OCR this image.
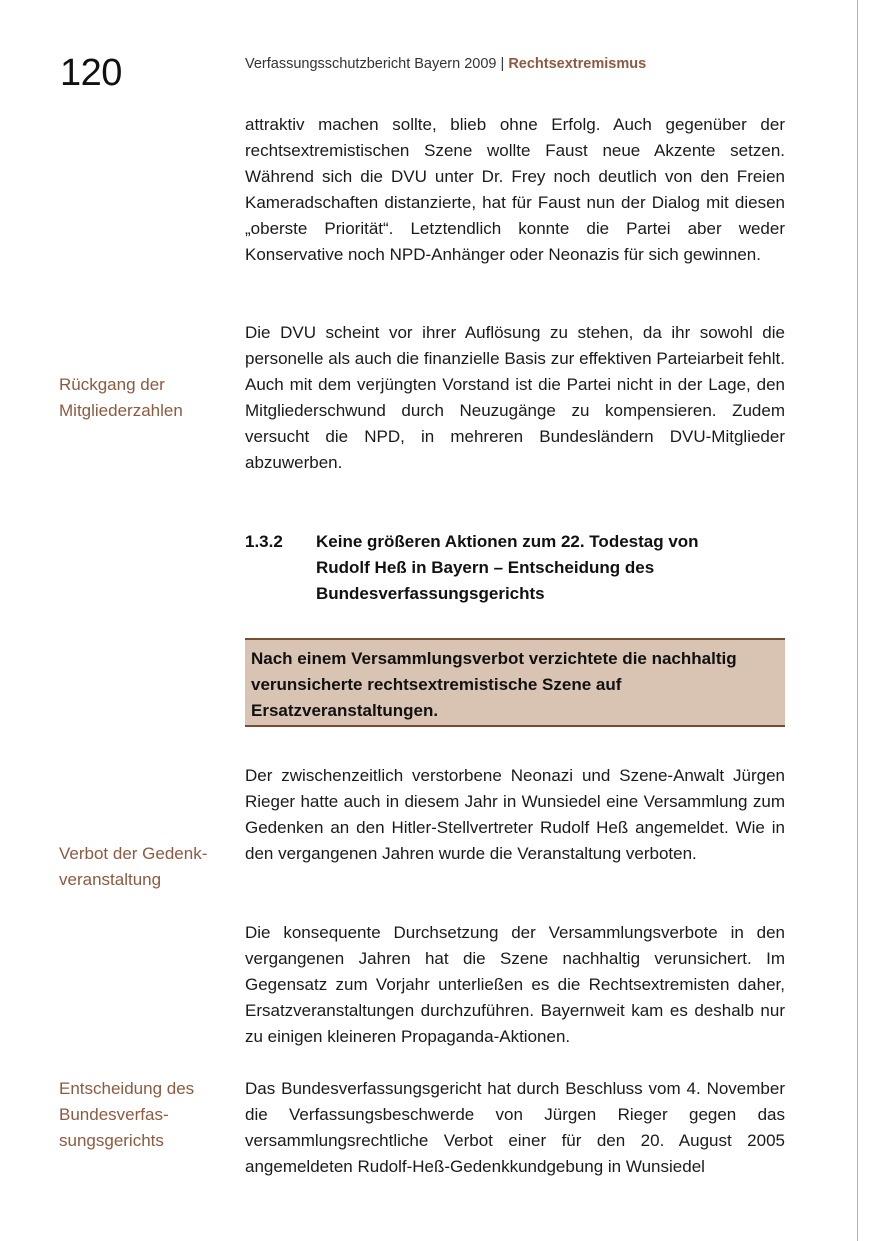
120	Verfassungsschutzbericht Bayern 2009 | Rechtsextremismus
attraktiv machen sollte, blieb ohne Erfolg. Auch gegenüber der rechtsextremistischen Szene wollte Faust neue Akzente setzen. Während sich die DVU unter Dr. Frey noch deutlich von den Freien Kameradschaften distanzierte, hat für Faust nun der Dialog mit diesen „oberste Priorität“. Letztendlich konnte die Partei aber weder Konservative noch NPD-Anhänger oder Neonazis für sich gewinnen.
Die DVU scheint vor ihrer Auflösung zu stehen, da ihr sowohl die personelle als auch die finanzielle Basis zur effektiven Parteiarbeit fehlt. Auch mit dem verjüngten Vorstand ist die Partei nicht in der Lage, den Mitgliederschwund durch Neuzugänge zu kompensieren. Zudem versucht die NPD, in mehreren Bundesländern DVU-Mitglieder abzuwerben.
Rückgang der Mitgliederzahlen
1.3.2 Keine größeren Aktionen zum 22. Todestag von Rudolf Heß in Bayern – Entscheidung des Bundesverfassungsgerichts
Nach einem Versammlungsverbot verzichtete die nachhaltig verunsicherte rechtsextremistische Szene auf Ersatzveranstaltungen.
Der zwischenzeitlich verstorbene Neonazi und Szene-Anwalt Jürgen Rieger hatte auch in diesem Jahr in Wunsiedel eine Versammlung zum Gedenken an den Hitler-Stellvertreter Rudolf Heß angemeldet. Wie in den vergangenen Jahren wurde die Veranstaltung verboten.
Verbot der Gedenkveranstaltung
Die konsequente Durchsetzung der Versammlungsverbote in den vergangenen Jahren hat die Szene nachhaltig verunsichert. Im Gegensatz zum Vorjahr unterließen es die Rechtsextremisten daher, Ersatzveranstaltungen durchzuführen. Bayernweit kam es deshalb nur zu einigen kleineren Propaganda-Aktionen.
Das Bundesverfassungsgericht hat durch Beschluss vom 4. November die Verfassungsbeschwerde von Jürgen Rieger gegen das versammlungsrechtliche Verbot einer für den 20. August 2005 angemeldeten Rudolf-Heß-Gedenkkundgebung in Wunsiedel
Entscheidung des Bundesverfassungsgerichts
